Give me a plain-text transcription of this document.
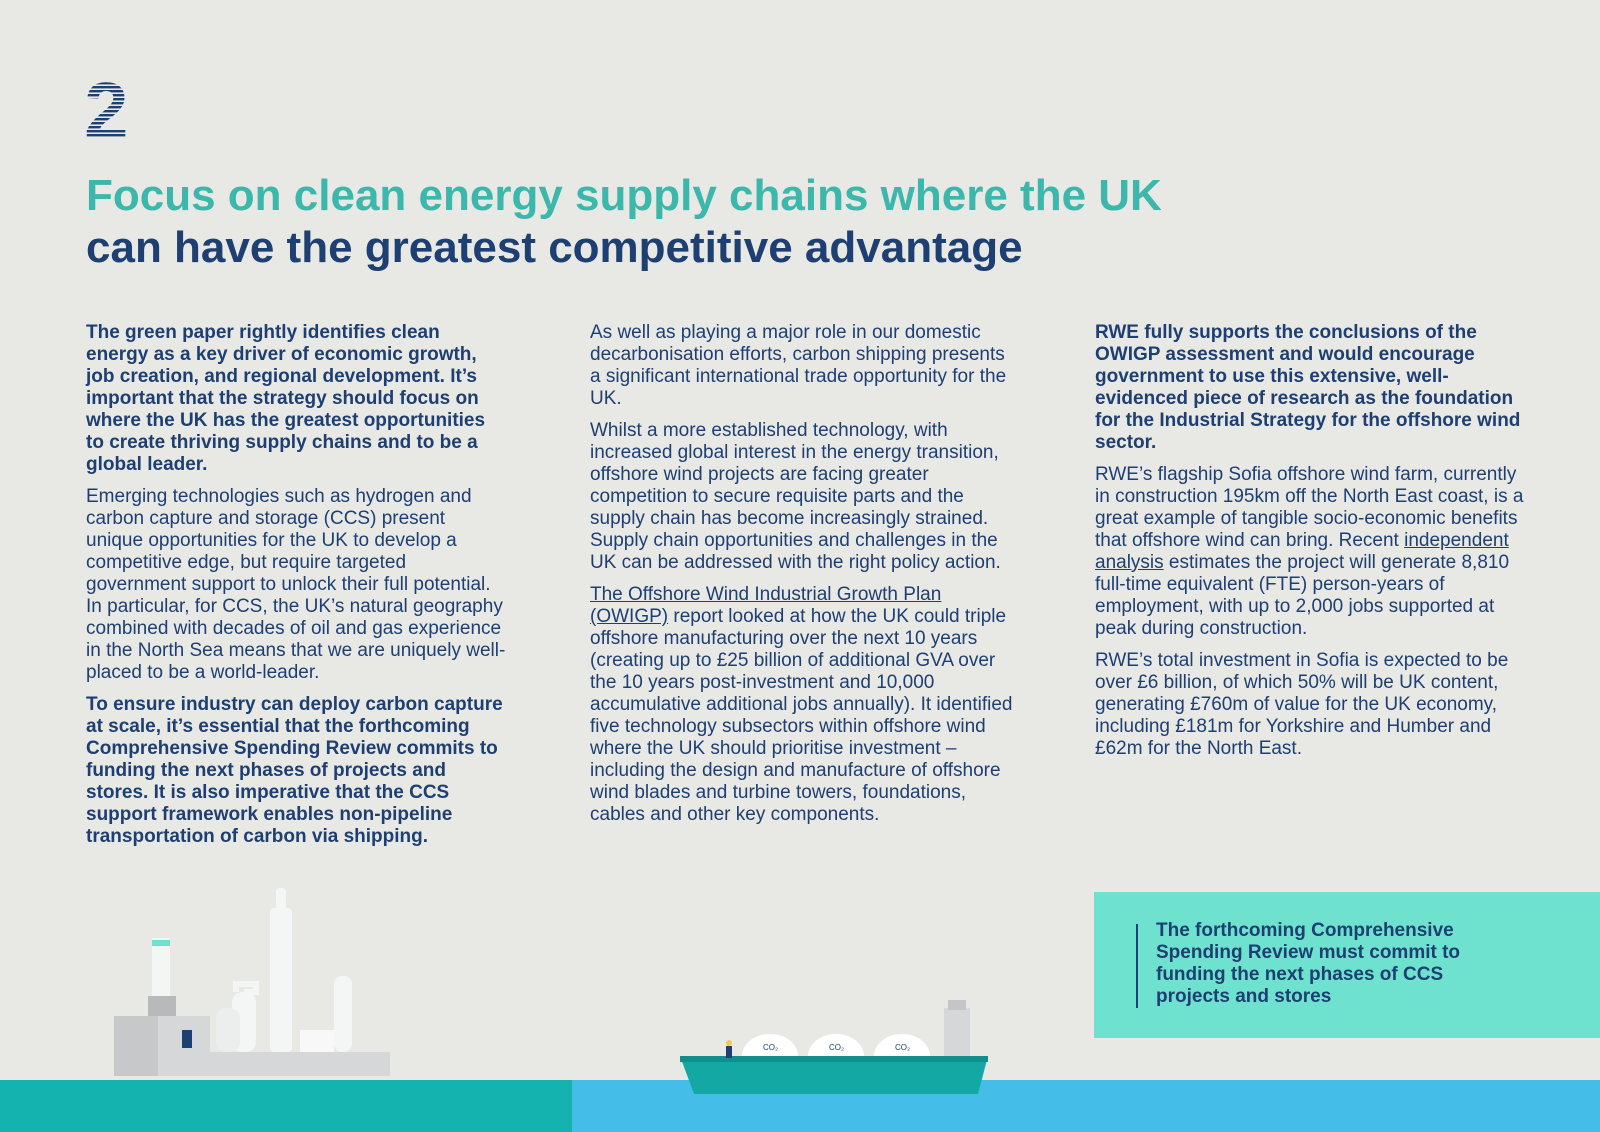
2
Focus on clean energy supply chains where the UK
can have the greatest competitive advantage

The green paper rightly identifies clean energy as a key driver of economic growth, job creation, and regional development. It’s important that the strategy should focus on where the UK has the greatest opportunities to create thriving supply chains and to be a global leader.

Emerging technologies such as hydrogen and carbon capture and storage (CCS) present unique opportunities for the UK to develop a competitive edge, but require targeted government support to unlock their full potential. In particular, for CCS, the UK’s natural geography combined with decades of oil and gas experience in the North Sea means that we are uniquely well-placed to be a world-leader.

To ensure industry can deploy carbon capture at scale, it’s essential that the forthcoming Comprehensive Spending Review commits to funding the next phases of projects and stores. It is also imperative that the CCS support framework enables non-pipeline transportation of carbon via shipping.

As well as playing a major role in our domestic decarbonisation efforts, carbon shipping presents a significant international trade opportunity for the UK.

Whilst a more established technology, with increased global interest in the energy transition, offshore wind projects are facing greater competition to secure requisite parts and the supply chain has become increasingly strained. Supply chain opportunities and challenges in the UK can be addressed with the right policy action.

The Offshore Wind Industrial Growth Plan (OWIGP) report looked at how the UK could triple offshore manufacturing over the next 10 years (creating up to £25 billion of additional GVA over the 10 years post-investment and 10,000 accumulative additional jobs annually). It identified five technology subsectors within offshore wind where the UK should prioritise investment – including the design and manufacture of offshore wind blades and turbine towers, foundations, cables and other key components.

RWE fully supports the conclusions of the OWIGP assessment and would encourage government to use this extensive, well-evidenced piece of research as the foundation for the Industrial Strategy for the offshore wind sector.

RWE’s flagship Sofia offshore wind farm, currently in construction 195km off the North East coast, is a great example of tangible socio-economic benefits that offshore wind can bring. Recent independent analysis estimates the project will generate 8,810 full-time equivalent (FTE) person-years of employment, with up to 2,000 jobs supported at peak during construction.

RWE’s total investment in Sofia is expected to be over £6 billion, of which 50% will be UK content, generating £760m of value for the UK economy, including £181m for Yorkshire and Humber and £62m for the North East.

The forthcoming Comprehensive Spending Review must commit to funding the next phases of CCS projects and stores

CO₂	CO₂	CO₂
